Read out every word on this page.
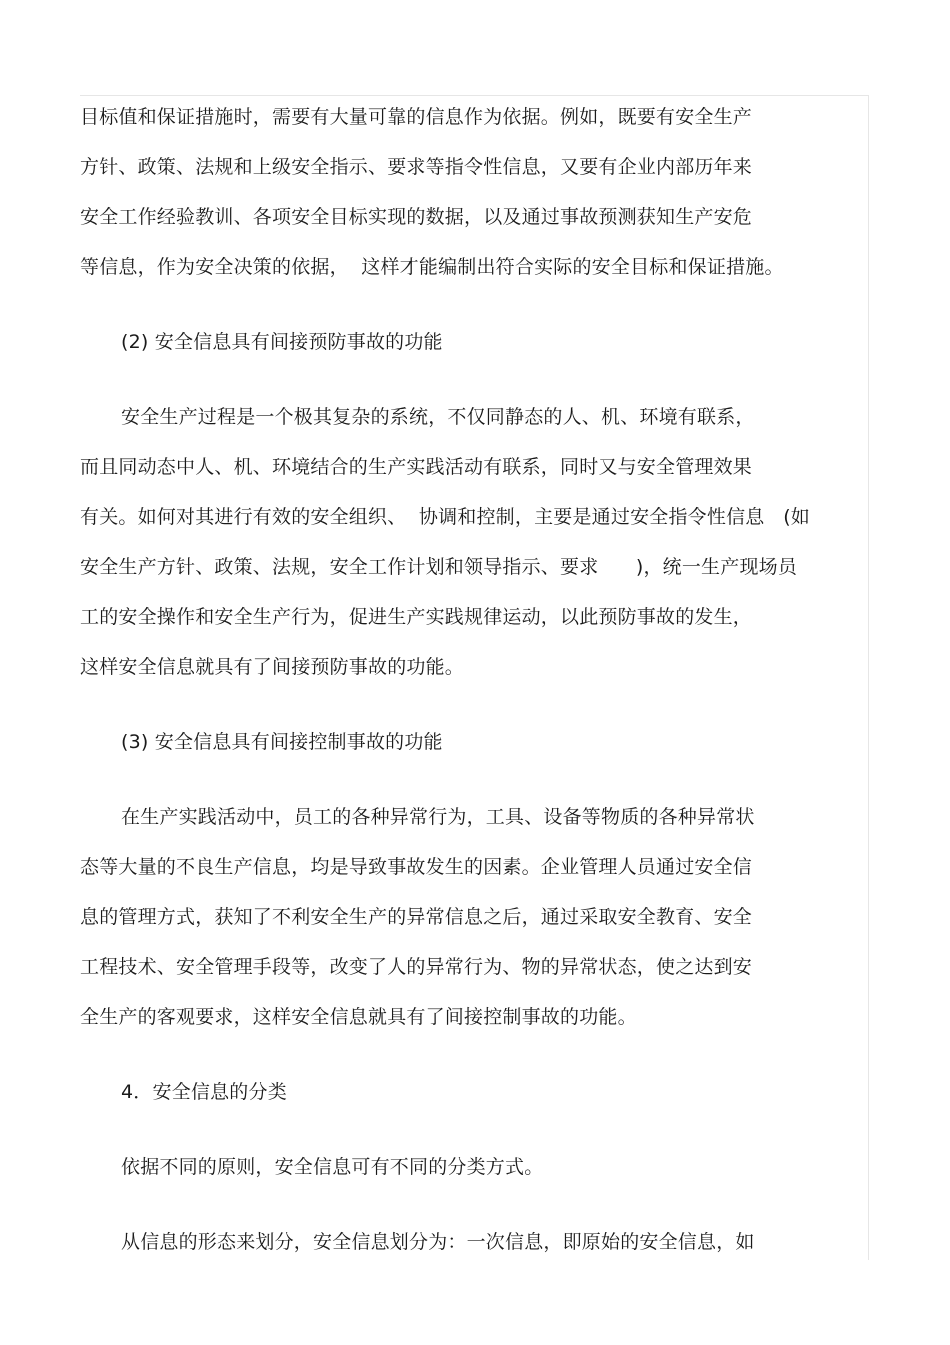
目标值和保证措施时，需要有大量可靠的信息作为依据。例如，既要有安全生产
方针、政策、法规和上级安全指示、要求等指令性信息，又要有企业内部历年来
安全工作经验教训、各项安全目标实现的数据，以及通过事故预测获知生产安危
等信息，作为安全决策的依据，  这样才能编制出符合实际的安全目标和保证措施。
(2) 安全信息具有间接预防事故的功能
安全生产过程是一个极其复杂的系统，不仅同静态的人、机、环境有联系，
而且同动态中人、机、环境结合的生产实践活动有联系，同时又与安全管理效果
有关。如何对其进行有效的安全组织、  协调和控制，主要是通过安全指令性信息   (如
安全生产方针、政策、法规，安全工作计划和领导指示、要求      )，统一生产现场员
工的安全操作和安全生产行为，促进生产实践规律运动，以此预防事故的发生，
这样安全信息就具有了间接预防事故的功能。
(3) 安全信息具有间接控制事故的功能
在生产实践活动中，员工的各种异常行为，工具、设备等物质的各种异常状
态等大量的不良生产信息，均是导致事故发生的因素。企业管理人员通过安全信
息的管理方式，获知了不利安全生产的异常信息之后，通过采取安全教育、安全
工程技术、安全管理手段等，改变了人的异常行为、物的异常状态，使之达到安
全生产的客观要求，这样安全信息就具有了间接控制事故的功能。
4．安全信息的分类
依据不同的原则，安全信息可有不同的分类方式。
从信息的形态来划分，安全信息划分为：一次信息，即原始的安全信息，如
